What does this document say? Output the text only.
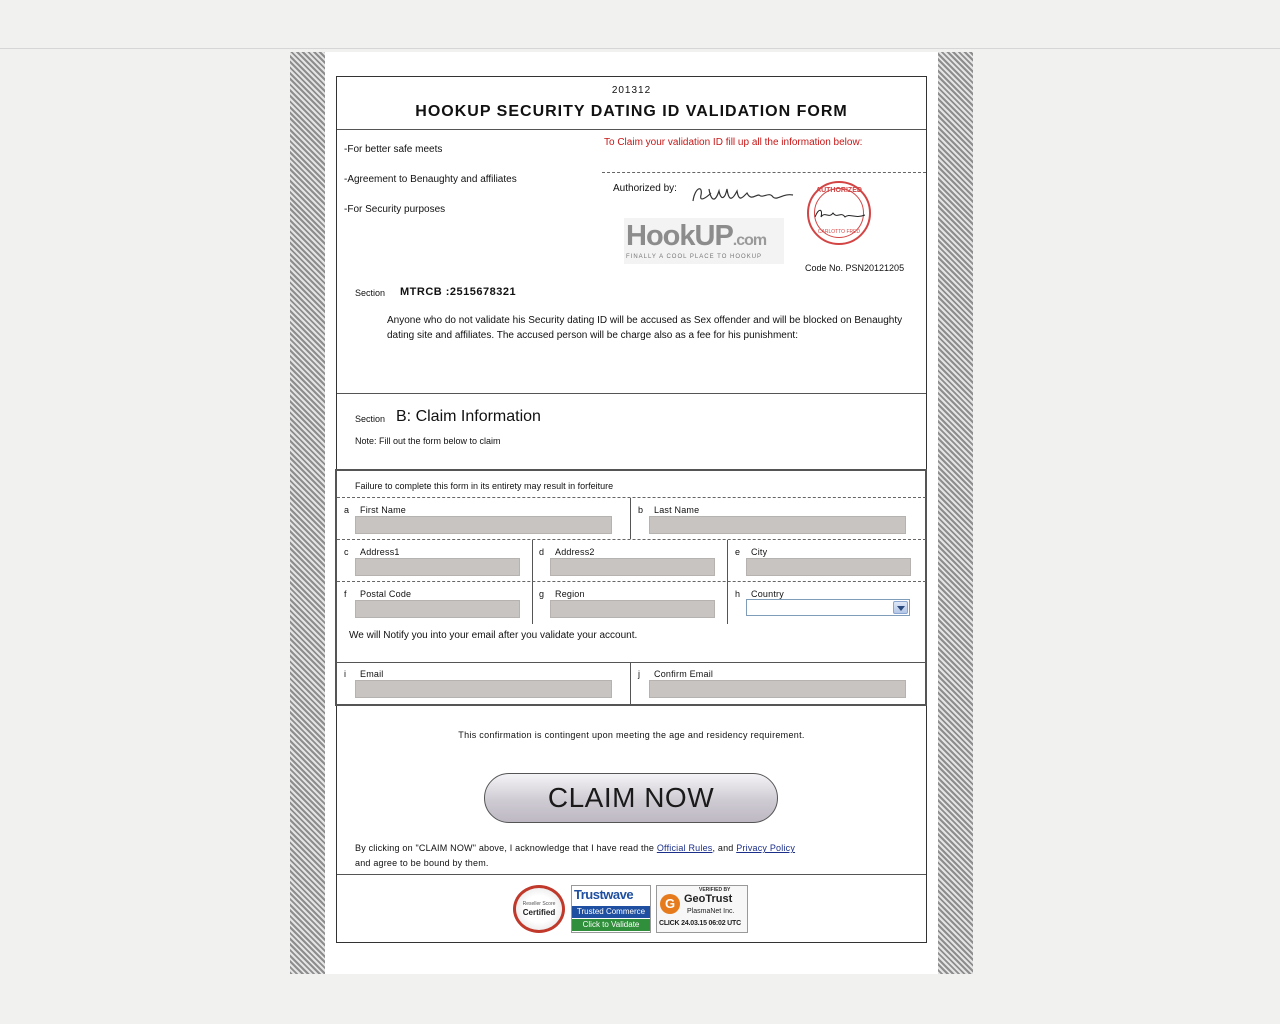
201312
HOOKUP SECURITY DATING ID VALIDATION FORM
-For better safe meets
-Agreement to Benaughty and affiliates
-For Security purposes
To Claim your validation ID fill up all the information below:
Authorized by:	AUTHORIZED
CARLOTTO FRED
HookUP.com
FINALLY A COOL PLACE TO HOOKUP
Code No. PSN20121205
Section MTRCB :2515678321
Anyone who do not validate his Security dating ID will be accused as Sex offender and will be blocked on Benaughty dating site and affiliates. The accused person will be charge also as a fee for his punishment:
Section B: Claim Information
Note: Fill out the form below to claim
Failure to complete this form in its entirety may result in forfeiture
a First Name	b Last Name
c Address1	d Address2	e City
f Postal Code	g Region	h Country
We will Notify you into your email after you validate your account.
i Email	j Confirm Email
This confirmation is contingent upon meeting the age and residency requirement.
CLAIM NOW
By clicking on "CLAIM NOW" above, I acknowledge that I have read the Official Rules, and Privacy Policy
and agree to be bound by them.
Reseller Score
Certified
Trustwave
Trusted Commerce
Click to Validate
G
VERIFIED BY
GeoTrust
PlasmaNet Inc.
CLICK 24.03.15 06:02 UTC
